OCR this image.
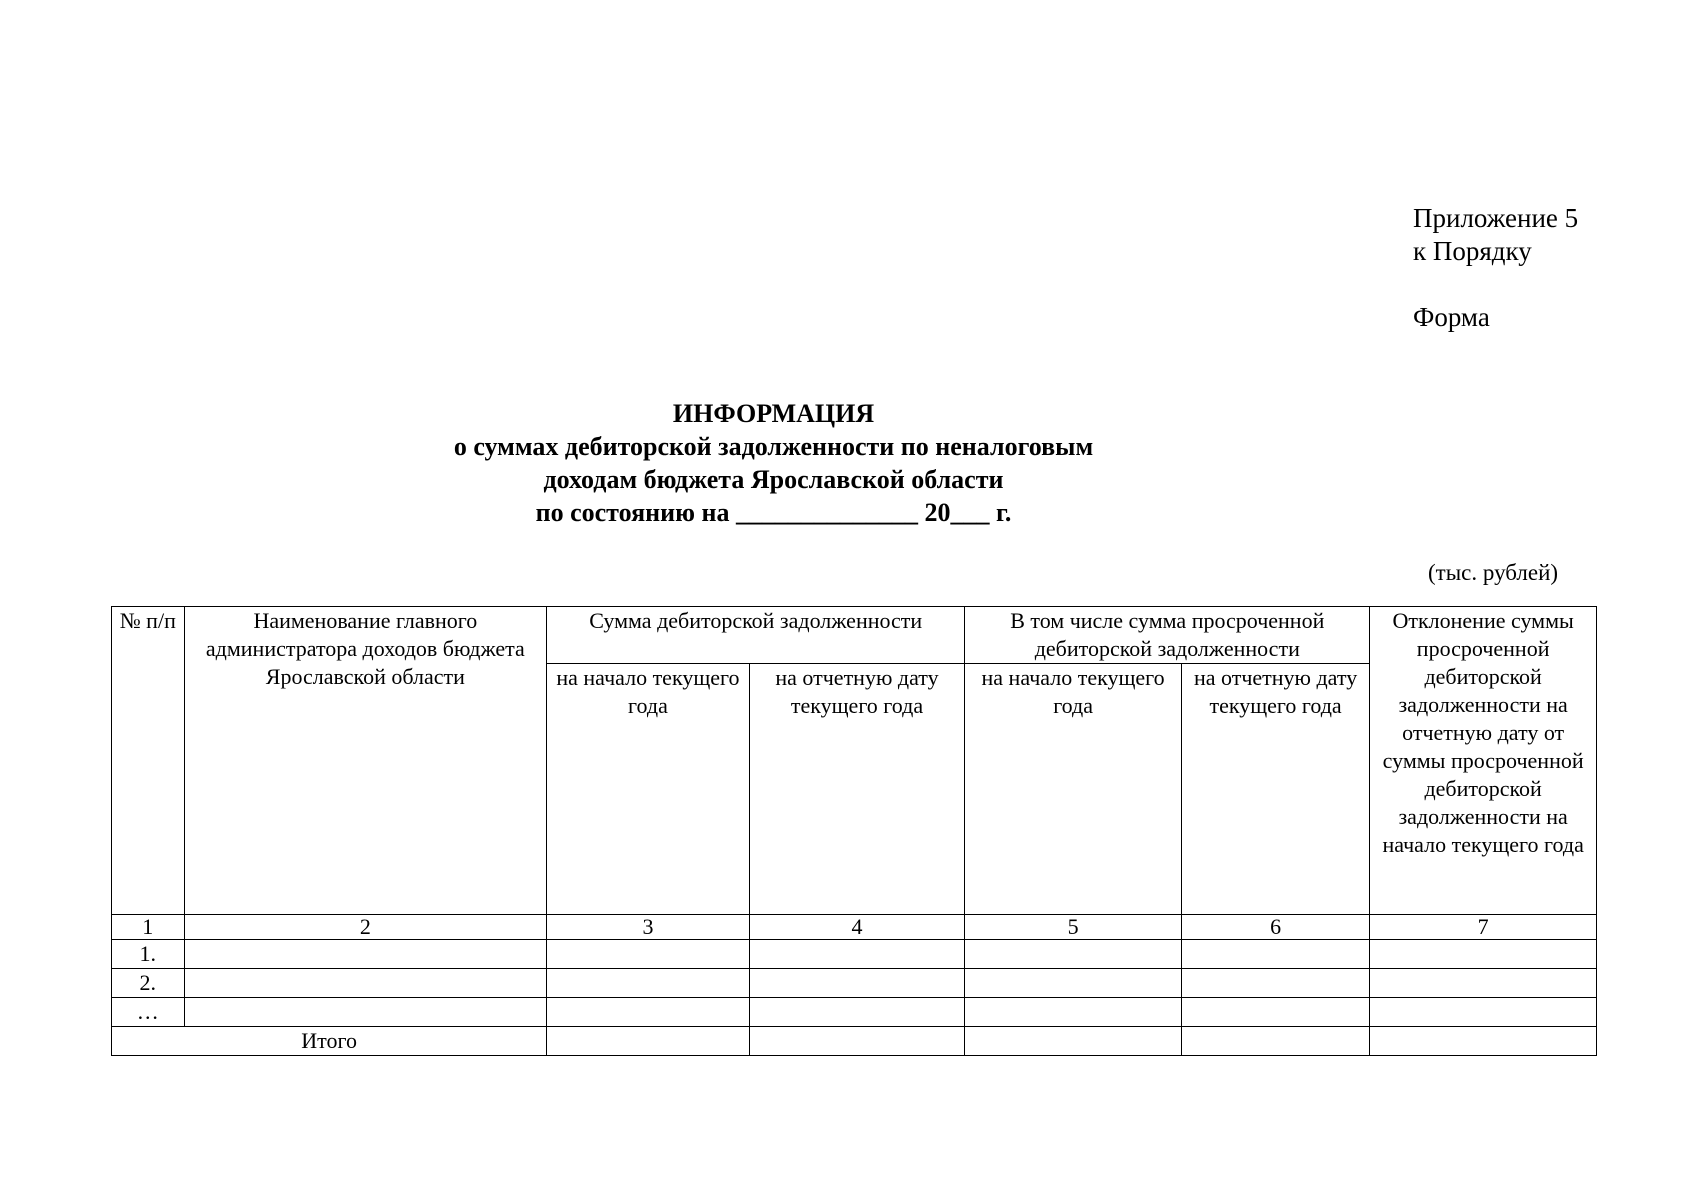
Приложение 5
к Порядку
Форма
ИНФОРМАЦИЯ
о суммах дебиторской задолженности по неналоговым
доходам бюджета Ярославской области
по состоянию на ______________ 20___ г.
(тыс. рублей)
№ п/п	Наименование главного администратора доходов бюджета Ярославской области	Сумма дебиторской задолженности		В том числе сумма просроченной дебиторской задолженности		Отклонение суммы просроченной дебиторской задолженности на отчетную дату от суммы просроченной дебиторской задолженности на начало текущего года
		на начало текущего года	на отчетную дату текущего года	на начало текущего года	на отчетную дату текущего года	
1	2	3	4	5	6	7
1.						
2.						
…						
Итого						
